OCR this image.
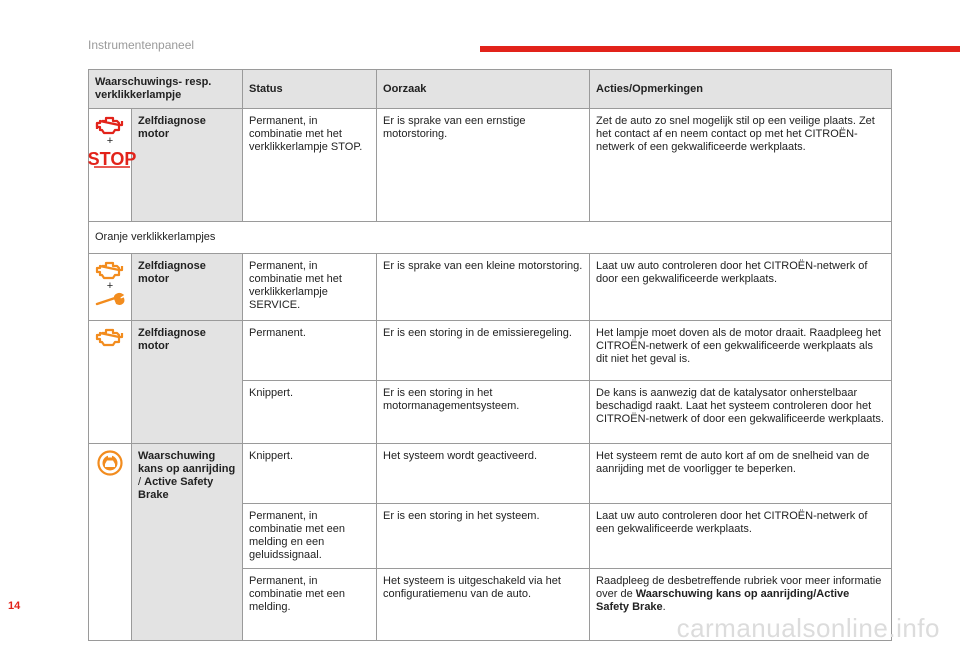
Instrumentenpaneel
Waarschuwings- resp. verklikkerlampje		Status	Oorzaak	Acties/Opmerkingen

+
STOP	Zelfdiagnose motor	Permanent, in combinatie met het verklikkerlampje STOP.	Er is sprake van een ernstige motorstoring.	Zet de auto zo snel mogelijk stil op een veilige plaats. Zet het contact af en neem contact op met het CITROËN-netwerk of een gekwalificeerde werkplaats.
Oranje verklikkerlampjes				

+	Zelfdiagnose motor	Permanent, in combinatie met het verklikkerlampje SERVICE.	Er is sprake van een kleine motorstoring.	Laat uw auto controleren door het CITROËN-netwerk of door een gekwalificeerde werkplaats.

	Zelfdiagnose motor	Permanent.	Er is een storing in de emissieregeling.	Het lampje moet doven als de motor draait. Raadpleeg het CITROËN-netwerk of een gekwalificeerde werkplaats als dit niet het geval is.
		Knippert.	Er is een storing in het motormanagementsysteem.	De kans is aanwezig dat de katalysator onherstelbaar beschadigd raakt. Laat het systeem controleren door het CITROËN-netwerk of door een gekwalificeerde werkplaats.

	Waarschuwing kans op aanrijding / Active Safety Brake	Knippert.	Het systeem wordt geactiveerd.	Het systeem remt de auto kort af om de snelheid van de aanrijding met de voorligger te beperken.
		Permanent, in combinatie met een melding en een geluidssignaal.	Er is een storing in het systeem.	Laat uw auto controleren door het CITROËN-netwerk of een gekwalificeerde werkplaats.
		Permanent, in combinatie met een melding.	Het systeem is uitgeschakeld via het configuratiemenu van de auto.	Raadpleeg de desbetreffende rubriek voor meer informatie over de Waarschuwing kans op aanrijding/Active Safety Brake.
14
carmanualsonline.info
